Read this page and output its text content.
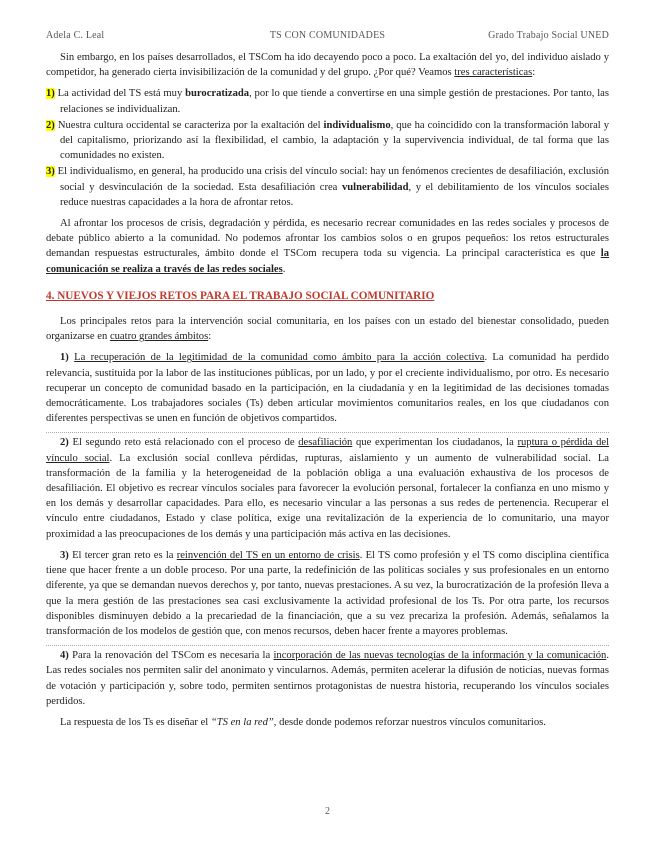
Adela C. Leal	TS CON COMUNIDADES	Grado Trabajo Social UNED

Sin embargo, en los países desarrollados, el TSCom ha ido decayendo poco a poco. La exaltación del yo, del individuo aislado y competidor, ha generado cierta invisibilización de la comunidad y del grupo. ¿Por qué? Veamos tres características:

1) La actividad del TS está muy burocratizada, por lo que tiende a convertirse en una simple gestión de prestaciones. Por tanto, las relaciones se individualizan.
2) Nuestra cultura occidental se caracteriza por la exaltación del individualismo, que ha coincidido con la transformación laboral y del capitalismo, priorizando así la flexibilidad, el cambio, la adaptación y la supervivencia individual, de tal forma que las comunidades no existen.
3) El individualismo, en general, ha producido una crisis del vínculo social: hay un fenómenos crecientes de desafiliación, exclusión social y desvinculación de la sociedad. Esta desafiliación crea vulnerabilidad, y el debilitamiento de los vínculos sociales reduce nuestras capacidades a la hora de afrontar retos.

Al afrontar los procesos de crisis, degradación y pérdida, es necesario recrear comunidades en las redes sociales y procesos de debate público abierto a la comunidad. No podemos afrontar los cambios solos o en grupos pequeños: los retos estructurales demandan respuestas estructurales, ámbito donde el TSCom recupera toda su vigencia. La principal característica es que la comunicación se realiza a través de las redes sociales.

4. NUEVOS Y VIEJOS RETOS PARA EL TRABAJO SOCIAL COMUNITARIO

Los principales retos para la intervención social comunitaria, en los países con un estado del bienestar consolidado, pueden organizarse en cuatro grandes ámbitos:

1) La recuperación de la legitimidad de la comunidad como ámbito para la acción colectiva. La comunidad ha perdido relevancia, sustituida por la labor de las instituciones públicas, por un lado, y por el creciente individualismo, por otro. Es necesario recuperar un concepto de comunidad basado en la participación, en la ciudadanía y en la legitimidad de las decisiones tomadas democráticamente. Los trabajadores sociales (Ts) deben articular movimientos comunitarios reales, en los que ciudadanos con diferentes perspectivas se unen en función de objetivos compartidos.

2) El segundo reto está relacionado con el proceso de desafiliación que experimentan los ciudadanos, la ruptura o pérdida del vínculo social. La exclusión social conlleva pérdidas, rupturas, aislamiento y un aumento de vulnerabilidad social. La transformación de la familia y la heterogeneidad de la población obliga a una evaluación exhaustiva de los procesos de desafiliación. El objetivo es recrear vínculos sociales para favorecer la evolución personal, fortalecer la confianza en uno mismo y en los demás y desarrollar capacidades. Para ello, es necesario vincular a las personas a sus redes de pertenencia. Recuperar el vínculo entre ciudadanos, Estado y clase política, exige una revitalización de la experiencia de lo comunitario, una mayor proximidad a las preocupaciones de los demás y una participación más activa en las decisiones.

3) El tercer gran reto es la reinvención del TS en un entorno de crisis. El TS como profesión y el TS como disciplina científica tiene que hacer frente a un doble proceso. Por una parte, la redefinición de las políticas sociales y sus profesionales en un entorno diferente, ya que se demandan nuevos derechos y, por tanto, nuevas prestaciones. A su vez, la burocratización de la profesión lleva a que la mera gestión de las prestaciones sea casi exclusivamente la actividad profesional de los Ts. Por otra parte, los recursos disponibles disminuyen debido a la precariedad de la financiación, que a su vez precariza la profesión. Además, señalamos la transformación de los modelos de gestión que, con menos recursos, deben hacer frente a mayores problemas.

4) Para la renovación del TSCom es necesaria la incorporación de las nuevas tecnologías de la información y la comunicación. Las redes sociales nos permiten salir del anonimato y vincularnos. Además, permiten acelerar la difusión de noticias, nuevas formas de votación y participación y, sobre todo, permiten sentirnos protagonistas de nuestra historia, recuperando los vínculos sociales perdidos.

La respuesta de los Ts es diseñar el “TS en la red”, desde donde podemos reforzar nuestros vínculos comunitarios.

2
